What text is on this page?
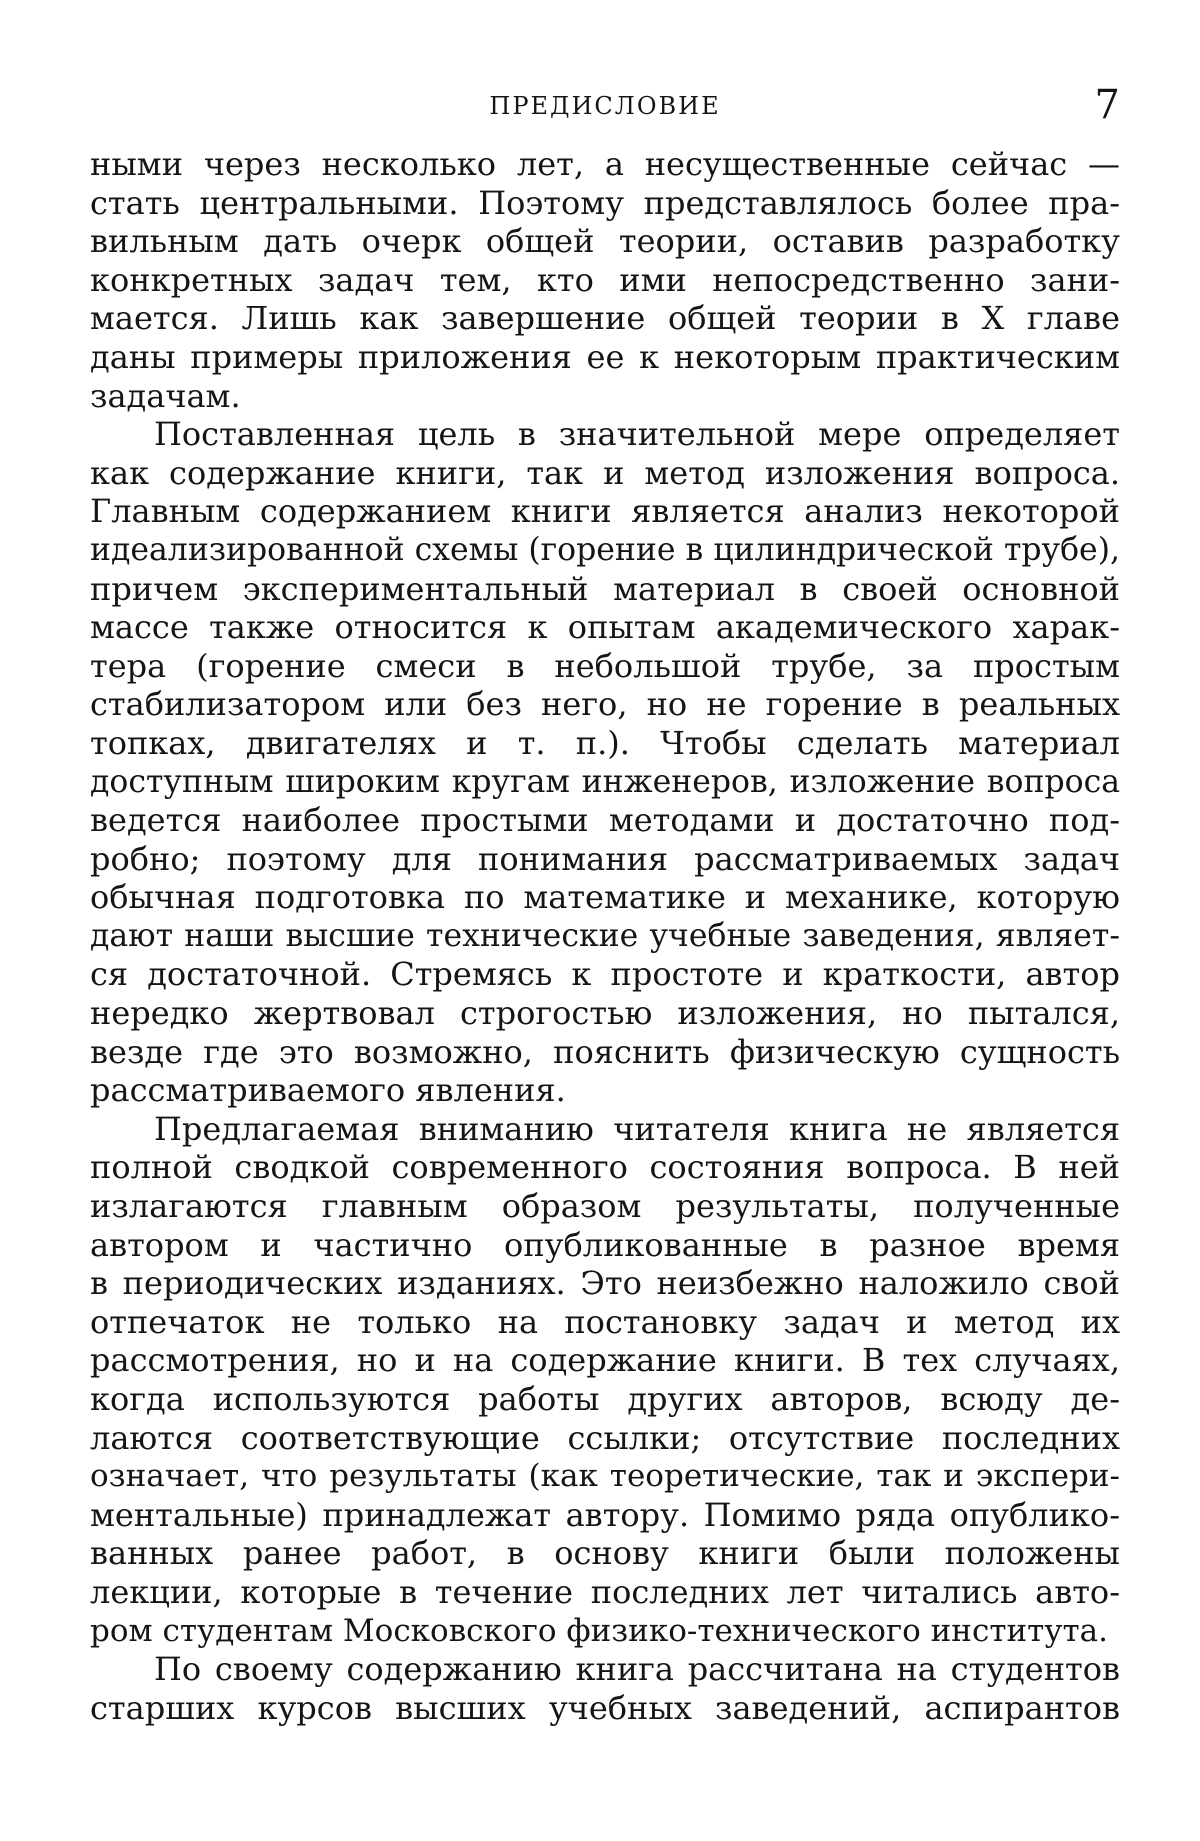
ПРЕДИСЛОВИЕ	7
ными через несколько лет, а несущественные сейчас —
стать центральными. Поэтому представлялось более пра-
вильным дать очерк общей теории, оставив разработку
конкретных задач тем, кто ими непосредственно зани-
мается. Лишь как завершение общей теории в X главе
даны примеры приложения ее к некоторым практическим
задачам.
Поставленная цель в значительной мере определяет
как содержание книги, так и метод изложения вопроса.
Главным содержанием книги является анализ некоторой
идеализированной схемы (горение в цилиндрической трубе),
причем экспериментальный материал в своей основной
массе также относится к опытам академического харак-
тера (горение смеси в небольшой трубе, за простым
стабилизатором или без него, но не горение в реальных
топках, двигателях и т. п.). Чтобы сделать материал
доступным широким кругам инженеров, изложение вопроса
ведется наиболее простыми методами и достаточно под-
робно; поэтому для понимания рассматриваемых задач
обычная подготовка по математике и механике, которую
дают наши высшие технические учебные заведения, являет-
ся достаточной. Стремясь к простоте и краткости, автор
нередко жертвовал строгостью изложения, но пытался,
везде где это возможно, пояснить физическую сущность
рассматриваемого явления.
Предлагаемая вниманию читателя книга не является
полной сводкой современного состояния вопроса. В ней
излагаются главным образом результаты, полученные
автором и частично опубликованные в разное время
в периодических изданиях. Это неизбежно наложило свой
отпечаток не только на постановку задач и метод их
рассмотрения, но и на содержание книги. В тех случаях,
когда используются работы других авторов, всюду де-
лаются соответствующие ссылки; отсутствие последних
означает, что результаты (как теоретические, так и экспери-
ментальные) принадлежат автору. Помимо ряда опублико-
ванных ранее работ, в основу книги были положены
лекции, которые в течение последних лет читались авто-
ром студентам Московского физико-технического института.
По своему содержанию книга рассчитана на студентов
старших курсов высших учебных заведений, аспирантов
